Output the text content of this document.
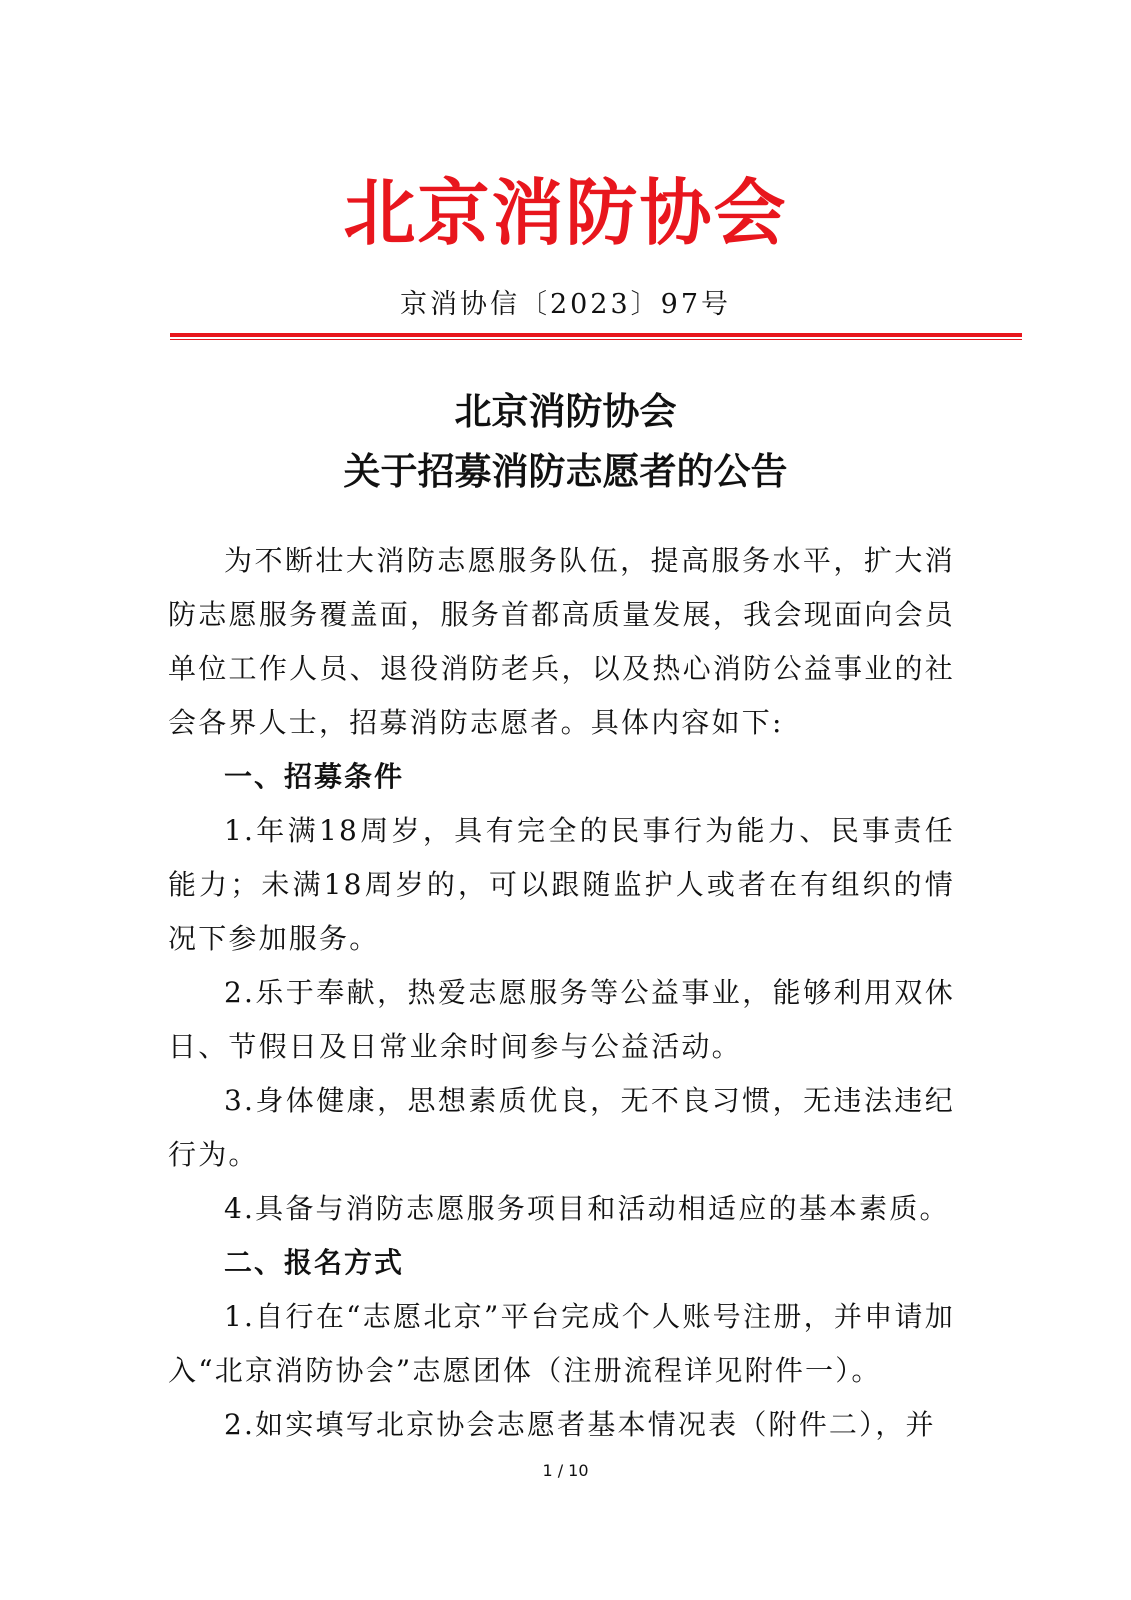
北京消防协会
京消协信〔2023〕97号
北京消防协会
关于招募消防志愿者的公告

为不断壮大消防志愿服务队伍，提高服务水平，扩大消防志愿服务覆盖面，服务首都高质量发展，我会现面向会员单位工作人员、退役消防老兵，以及热心消防公益事业的社会各界人士，招募消防志愿者。具体内容如下:

一、招募条件

1.年满18周岁，具有完全的民事行为能力、民事责任能力；未满18周岁的，可以跟随监护人或者在有组织的情况下参加服务。

2.乐于奉献，热爱志愿服务等公益事业，能够利用双休日、节假日及日常业余时间参与公益活动。

3.身体健康，思想素质优良，无不良习惯，无违法违纪行为。

4.具备与消防志愿服务项目和活动相适应的基本素质。

二、报名方式

1.自行在“志愿北京”平台完成个人账号注册，并申请加入“北京消防协会”志愿团体（注册流程详见附件一）。

2.如实填写北京协会志愿者基本情况表（附件二），并

1 / 10
